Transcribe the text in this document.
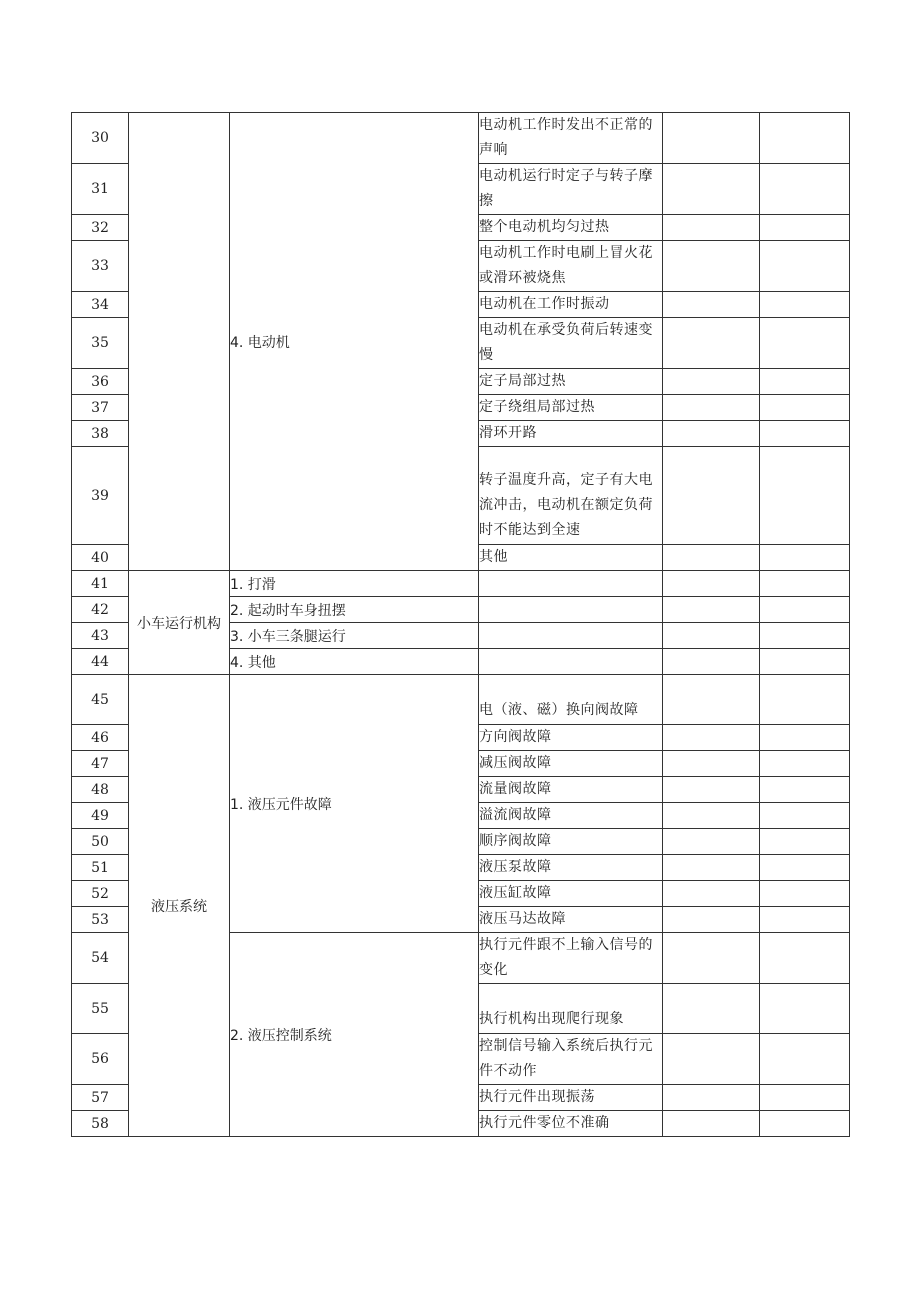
30		4. 电动机	电动机工作时发出不正常的声响		
31			电动机运行时定子与转子摩擦		
32			整个电动机均匀过热		
33			电动机工作时电刷上冒火花或滑环被烧焦		
34			电动机在工作时振动		
35			电动机在承受负荷后转速变慢		
36			定子局部过热		
37			定子绕组局部过热		
38			滑环开路		
39			转子温度升高，定子有大电流冲击，电动机在额定负荷时不能达到全速		
40			其他		
41	小车运行机构	1. 打滑			
42		2. 起动时车身扭摆			
43		3. 小车三条腿运行			
44		4. 其他			
45	液压系统	1. 液压元件故障	电（液、磁）换向阀故障		
46			方向阀故障		
47			减压阀故障		
48			流量阀故障		
49			溢流阀故障		
50			顺序阀故障		
51			液压泵故障		
52			液压缸故障		
53			液压马达故障		
54		2. 液压控制系统	执行元件跟不上输入信号的变化		
55			执行机构出现爬行现象		
56			控制信号输入系统后执行元件不动作		
57			执行元件出现振荡		
58			执行元件零位不准确		
